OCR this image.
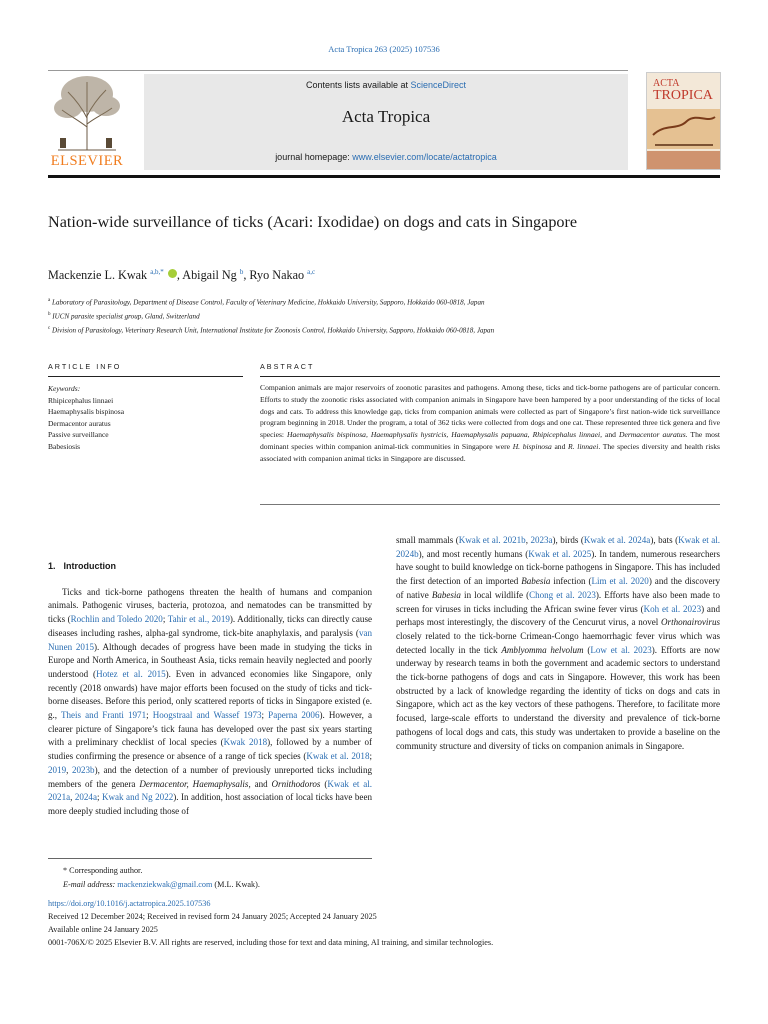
Acta Tropica 263 (2025) 107536
ELSEVIER
Contents lists available at ScienceDirect
Acta Tropica
journal homepage: www.elsevier.com/locate/actatropica
ACTA
TROPICA
Nation-wide surveillance of ticks (Acari: Ixodidae) on dogs and cats in Singapore
Mackenzie L. Kwak $^{a,b,*}$ , Abigail Ng $^b$, Ryo Nakao $^{a,c}$
$^a$ Laboratory of Parasitology, Department of Disease Control, Faculty of Veterinary Medicine, Hokkaido University, Sapporo, Hokkaido 060-0818, Japan
$^b$ IUCN parasite specialist group, Gland, Switzerland
$^c$ Division of Parasitology, Veterinary Research Unit, International Institute for Zoonosis Control, Hokkaido University, Sapporo, Hokkaido 060-0818, Japan
ARTICLE INFO	ABSTRACT
Keywords:
Rhipicephalus linnaei
Haemaphysalis bispinosa
Dermacentor auratus
Passive surveillance
Babesiosis
Companion animals are major reservoirs of zoonotic parasites and pathogens. Among these, ticks and tick-borne pathogens are of particular concern. Efforts to study the zoonotic risks associated with companion animals in Singapore have been hampered by a poor understanding of the ticks of local dogs and cats. To address this knowledge gap, ticks from companion animals were collected as part of Singapore’s first nation-wide tick surveillance program beginning in 2018. Under the program, a total of 362 ticks were collected from dogs and one cat. These represented three tick genera and five species: Haemaphysalis bispinosa, Haemaphysalis hystricis, Haemaphysalis papuana, Rhipicephalus linnaei, and Dermacentor auratus. The most dominant species within companion animal-tick communities in Singapore were H. bispinosa and R. linnaei. The species diversity and health risks associated with companion animal ticks in Singapore are discussed.
1. Introduction

Ticks and tick-borne pathogens threaten the health of humans and companion animals. Pathogenic viruses, bacteria, protozoa, and nematodes can be transmitted by ticks (Rochlin and Toledo 2020; Tahir et al., 2019). Additionally, ticks can directly cause diseases including rashes, alpha-gal syndrome, tick-bite anaphylaxis, and paralysis (van Nunen 2015). Although decades of progress have been made in studying the ticks in Europe and North America, in Southeast Asia, ticks remain heavily neglected and poorly understood (Hotez et al. 2015). Even in advanced economies like Singapore, only recently (2018 onwards) have major efforts been focused on the study of ticks and tick-borne diseases. Before this period, only scattered reports of ticks in Singapore existed (e. g., Theis and Franti 1971; Hoogstraal and Wassef 1973; Paperna 2006). However, a clearer picture of Singapore’s tick fauna has developed over the past six years starting with a preliminary checklist of local species (Kwak 2018), followed by a number of studies confirming the presence or absence of a range of tick species (Kwak et al. 2018; 2019, 2023b), and the detection of a number of previously unreported ticks including members of the genera Dermacentor, Haemaphysalis, and Ornithodoros (Kwak et al. 2021a, 2024a; Kwak and Ng 2022). In addition, host association of local ticks have been more deeply studied including those of

small mammals (Kwak et al. 2021b, 2023a), birds (Kwak et al. 2024a), bats (Kwak et al. 2024b), and most recently humans (Kwak et al. 2025). In tandem, numerous researchers have sought to build knowledge on tick-borne pathogens in Singapore. This has included the first detection of an imported Babesia infection (Lim et al. 2020) and the discovery of native Babesia in local wildlife (Chong et al. 2023). Efforts have also been made to screen for viruses in ticks including the African swine fever virus (Koh et al. 2023) and perhaps most interestingly, the discovery of the Cencurut virus, a novel Orthonairovirus closely related to the tick-borne Crimean-Congo haemorrhagic fever virus which was detected locally in the tick Amblyomma helvolum (Low et al. 2023). Efforts are now underway by research teams in both the government and academic sectors to understand the tick-borne pathogens of dogs and cats in Singapore. However, this work has been obstructed by a lack of knowledge regarding the identity of ticks on dogs and cats in Singapore, which act as the key vectors of these pathogens. Therefore, to facilitate more focused, large-scale efforts to understand the diversity and prevalence of tick-borne pathogens of local dogs and cats, this study was undertaken to provide a baseline on the community structure and diversity of ticks on companion animals in Singapore.

* Corresponding author.
E-mail address: mackenziekwak@gmail.com (M.L. Kwak).
https://doi.org/10.1016/j.actatropica.2025.107536
Received 12 December 2024; Received in revised form 24 January 2025; Accepted 24 January 2025
Available online 24 January 2025
0001-706X/© 2025 Elsevier B.V. All rights are reserved, including those for text and data mining, AI training, and similar technologies.
